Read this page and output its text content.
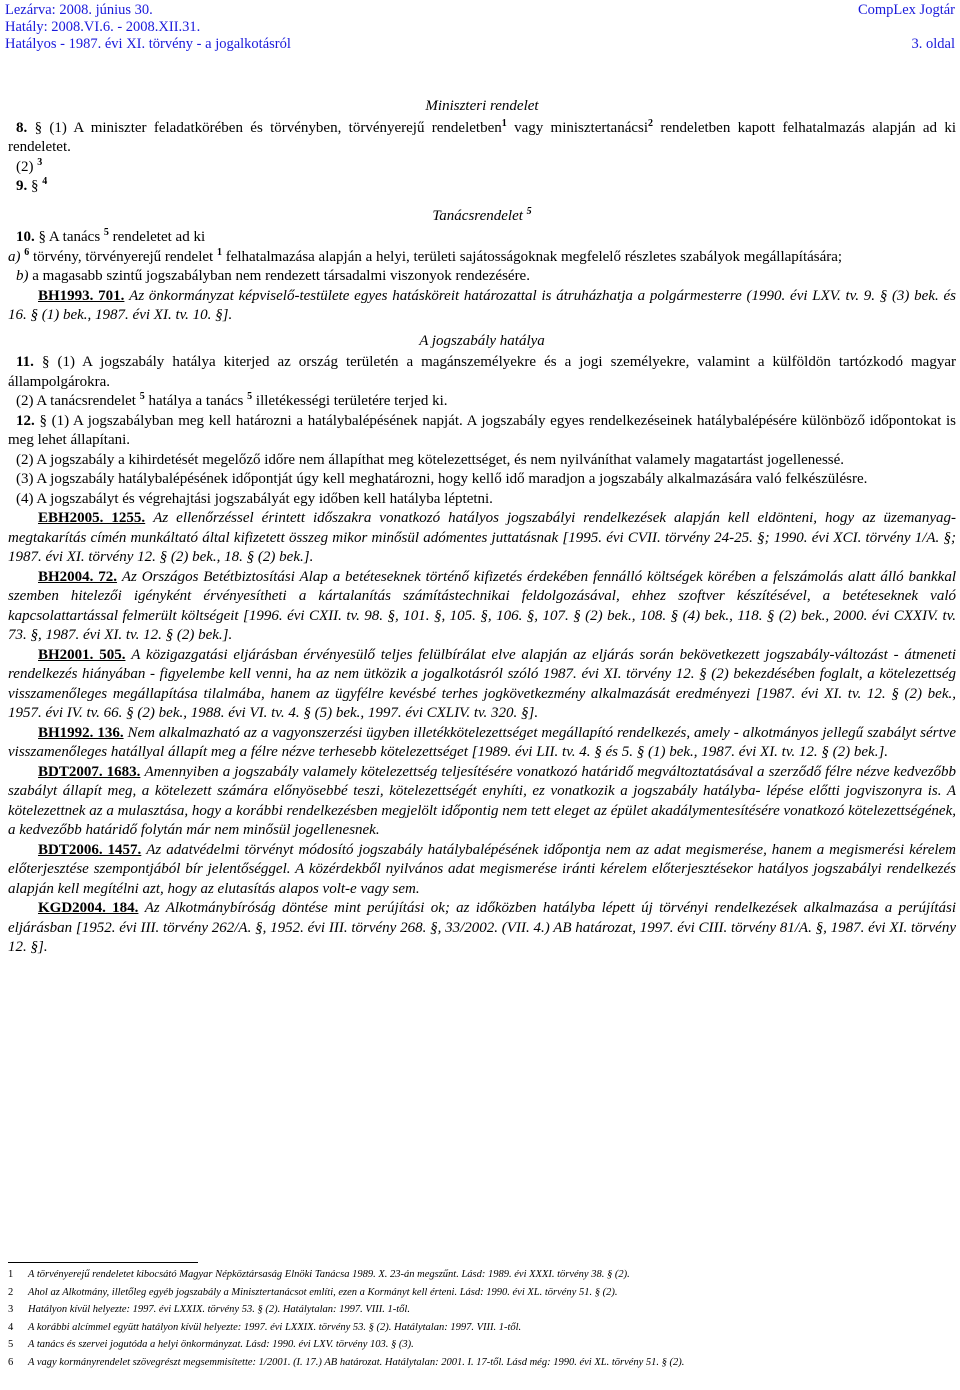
Lezárva: 2008. június 30.
Hatály: 2008.VI.6. - 2008.XII.31.
Hatályos - 1987. évi XI. törvény - a jogalkotásról
CompLex Jogtár
3. oldal

Miniszteri rendelet

8. § (1) A miniszter feladatkörében és törvényben, törvényerejű rendeletben$^1$ vagy minisztertanácsi$^2$ rendeletben kapott felhatalmazás alapján ad ki rendeletet.

(2) $^3$

9. § $^4$

Tanácsrendelet $^5$

10. § A tanács $^5$ rendeletet ad ki

a) $^6$ törvény, törvényerejű rendelet $^1$ felhatalmazása alapján a helyi, területi sajátosságoknak megfelelő részletes szabályok megállapítására;

b) a magasabb szintű jogszabályban nem rendezett társadalmi viszonyok rendezésére.

BH1993. 701. Az önkormányzat képviselő-testülete egyes hatásköreit határozattal is átruházhatja a polgármesterre (1990. évi LXV. tv. 9. § (3) bek. és 16. § (1) bek., 1987. évi XI. tv. 10. §].

A jogszabály hatálya

11. § (1) A jogszabály hatálya kiterjed az ország területén a magánszemélyekre és a jogi személyekre, valamint a külföldön tartózkodó magyar állampolgárokra.

(2) A tanácsrendelet $^5$ hatálya a tanács $^5$ illetékességi területére terjed ki.

12. § (1) A jogszabályban meg kell határozni a hatálybalépésének napját. A jogszabály egyes rendelkezéseinek hatálybalépésére különböző időpontokat is meg lehet állapítani.

(2) A jogszabály a kihirdetését megelőző időre nem állapíthat meg kötelezettséget, és nem nyilváníthat valamely magatartást jogellenessé.

(3) A jogszabály hatálybalépésének időpontját úgy kell meghatározni, hogy kellő idő maradjon a jogszabály alkalmazására való felkészülésre.

(4) A jogszabályt és végrehajtási jogszabályát egy időben kell hatályba léptetni.

EBH2005. 1255. Az ellenőrzéssel érintett időszakra vonatkozó hatályos jogszabályi rendelkezések alapján kell eldönteni, hogy az üzemanyag-megtakarítás címén munkáltató által kifizetett összeg mikor minősül adómentes juttatásnak [1995. évi CVII. törvény 24-25. §; 1990. évi XCI. törvény 1/A. §; 1987. évi XI. törvény 12. § (2) bek., 18. § (2) bek.].

BH2004. 72. Az Országos Betétbiztosítási Alap a betéteseknek történő kifizetés érdekében fennálló költségek körében a felszámolás alatt álló bankkal szemben hitelezői igényként érvényesítheti a kártalanítás számítástechnikai feldolgozásával, ehhez szoftver készítésével, a betéteseknek való kapcsolattartással felmerült költségeit [1996. évi CXII. tv. 98. §, 101. §, 105. §, 106. §, 107. § (2) bek., 108. § (4) bek., 118. § (2) bek., 2000. évi CXXIV. tv. 73. §, 1987. évi XI. tv. 12. § (2) bek.].

BH2001. 505. A közigazgatási eljárásban érvényesülő teljes felülbírálat elve alapján az eljárás során bekövetkezett jogszabály-változást - átmeneti rendelkezés hiányában - figyelembe kell venni, ha az nem ütközik a jogalkotásról szóló 1987. évi XI. törvény 12. § (2) bekezdésében foglalt, a kötelezettség visszamenőleges megállapítása tilalmába, hanem az ügyfélre kevésbé terhes jogkövetkezmény alkalmazását eredményezi [1987. évi XI. tv. 12. § (2) bek., 1957. évi IV. tv. 66. § (2) bek., 1988. évi VI. tv. 4. § (5) bek., 1997. évi CXLIV. tv. 320. §].

BH1992. 136. Nem alkalmazható az a vagyonszerzési ügyben illetékkötelezettséget megállapító rendelkezés, amely - alkotmányos jellegű szabályt sértve visszamenőleges hatállyal állapít meg a félre nézve terhesebb kötelezettséget [1989. évi LII. tv. 4. § és 5. § (1) bek., 1987. évi XI. tv. 12. § (2) bek.].

BDT2007. 1683. Amennyiben a jogszabály valamely kötelezettség teljesítésére vonatkozó határidő megváltoztatásával a szerződő félre nézve kedvezőbb szabályt állapít meg, a kötelezett számára előnyösebbé teszi, kötelezettségét enyhíti, ez vonatkozik a jogszabály hatályba- lépése előtti jogviszonyra is. A kötelezettnek az a mulasztása, hogy a korábbi rendelkezésben megjelölt időpontig nem tett eleget az épület akadálymentesítésére vonatkozó kötelezettségének, a kedvezőbb határidő folytán már nem minősül jogellenesnek.

BDT2006. 1457. Az adatvédelmi törvényt módosító jogszabály hatálybalépésének időpontja nem az adat megismerése, hanem a megismerési kérelem előterjesztése szempontjából bír jelentőséggel. A közérdekből nyilvános adat megismerése iránti kérelem előterjesztésekor hatályos jogszabályi rendelkezés alapján kell megítélni azt, hogy az elutasítás alapos volt-e vagy sem.

KGD2004. 184. Az Alkotmánybíróság döntése mint perújítási ok; az időközben hatályba lépett új törvényi rendelkezések alkalmazása a perújítási eljárásban [1952. évi III. törvény 262/A. §, 1952. évi III. törvény 268. §, 33/2002. (VII. 4.) AB határozat, 1997. évi CIII. törvény 81/A. §, 1987. évi XI. törvény 12. §].

1	A törvényerejű rendeletet kibocsátó Magyar Népköztársaság Elnöki Tanácsa 1989. X. 23-án megszűnt. Lásd: 1989. évi XXXI. törvény 38. § (2).
2	Ahol az Alkotmány, illetőleg egyéb jogszabály a Minisztertanácsot említi, ezen a Kormányt kell érteni. Lásd: 1990. évi XL. törvény 51. § (2).
3	Hatályon kívül helyezte: 1997. évi LXXIX. törvény 53. § (2). Hatálytalan: 1997. VIII. 1-től.
4	A korábbi alcímmel együtt hatályon kívül helyezte: 1997. évi LXXIX. törvény 53. § (2). Hatálytalan: 1997. VIII. 1-től.
5	A tanács és szervei jogutóda a helyi önkormányzat. Lásd: 1990. évi LXV. törvény 103. § (3).
6	A vagy kormányrendelet szövegrészt megsemmisítette: 1/2001. (I. 17.) AB határozat. Hatálytalan: 2001. I. 17-től. Lásd még: 1990. évi XL. törvény 51. § (2).
